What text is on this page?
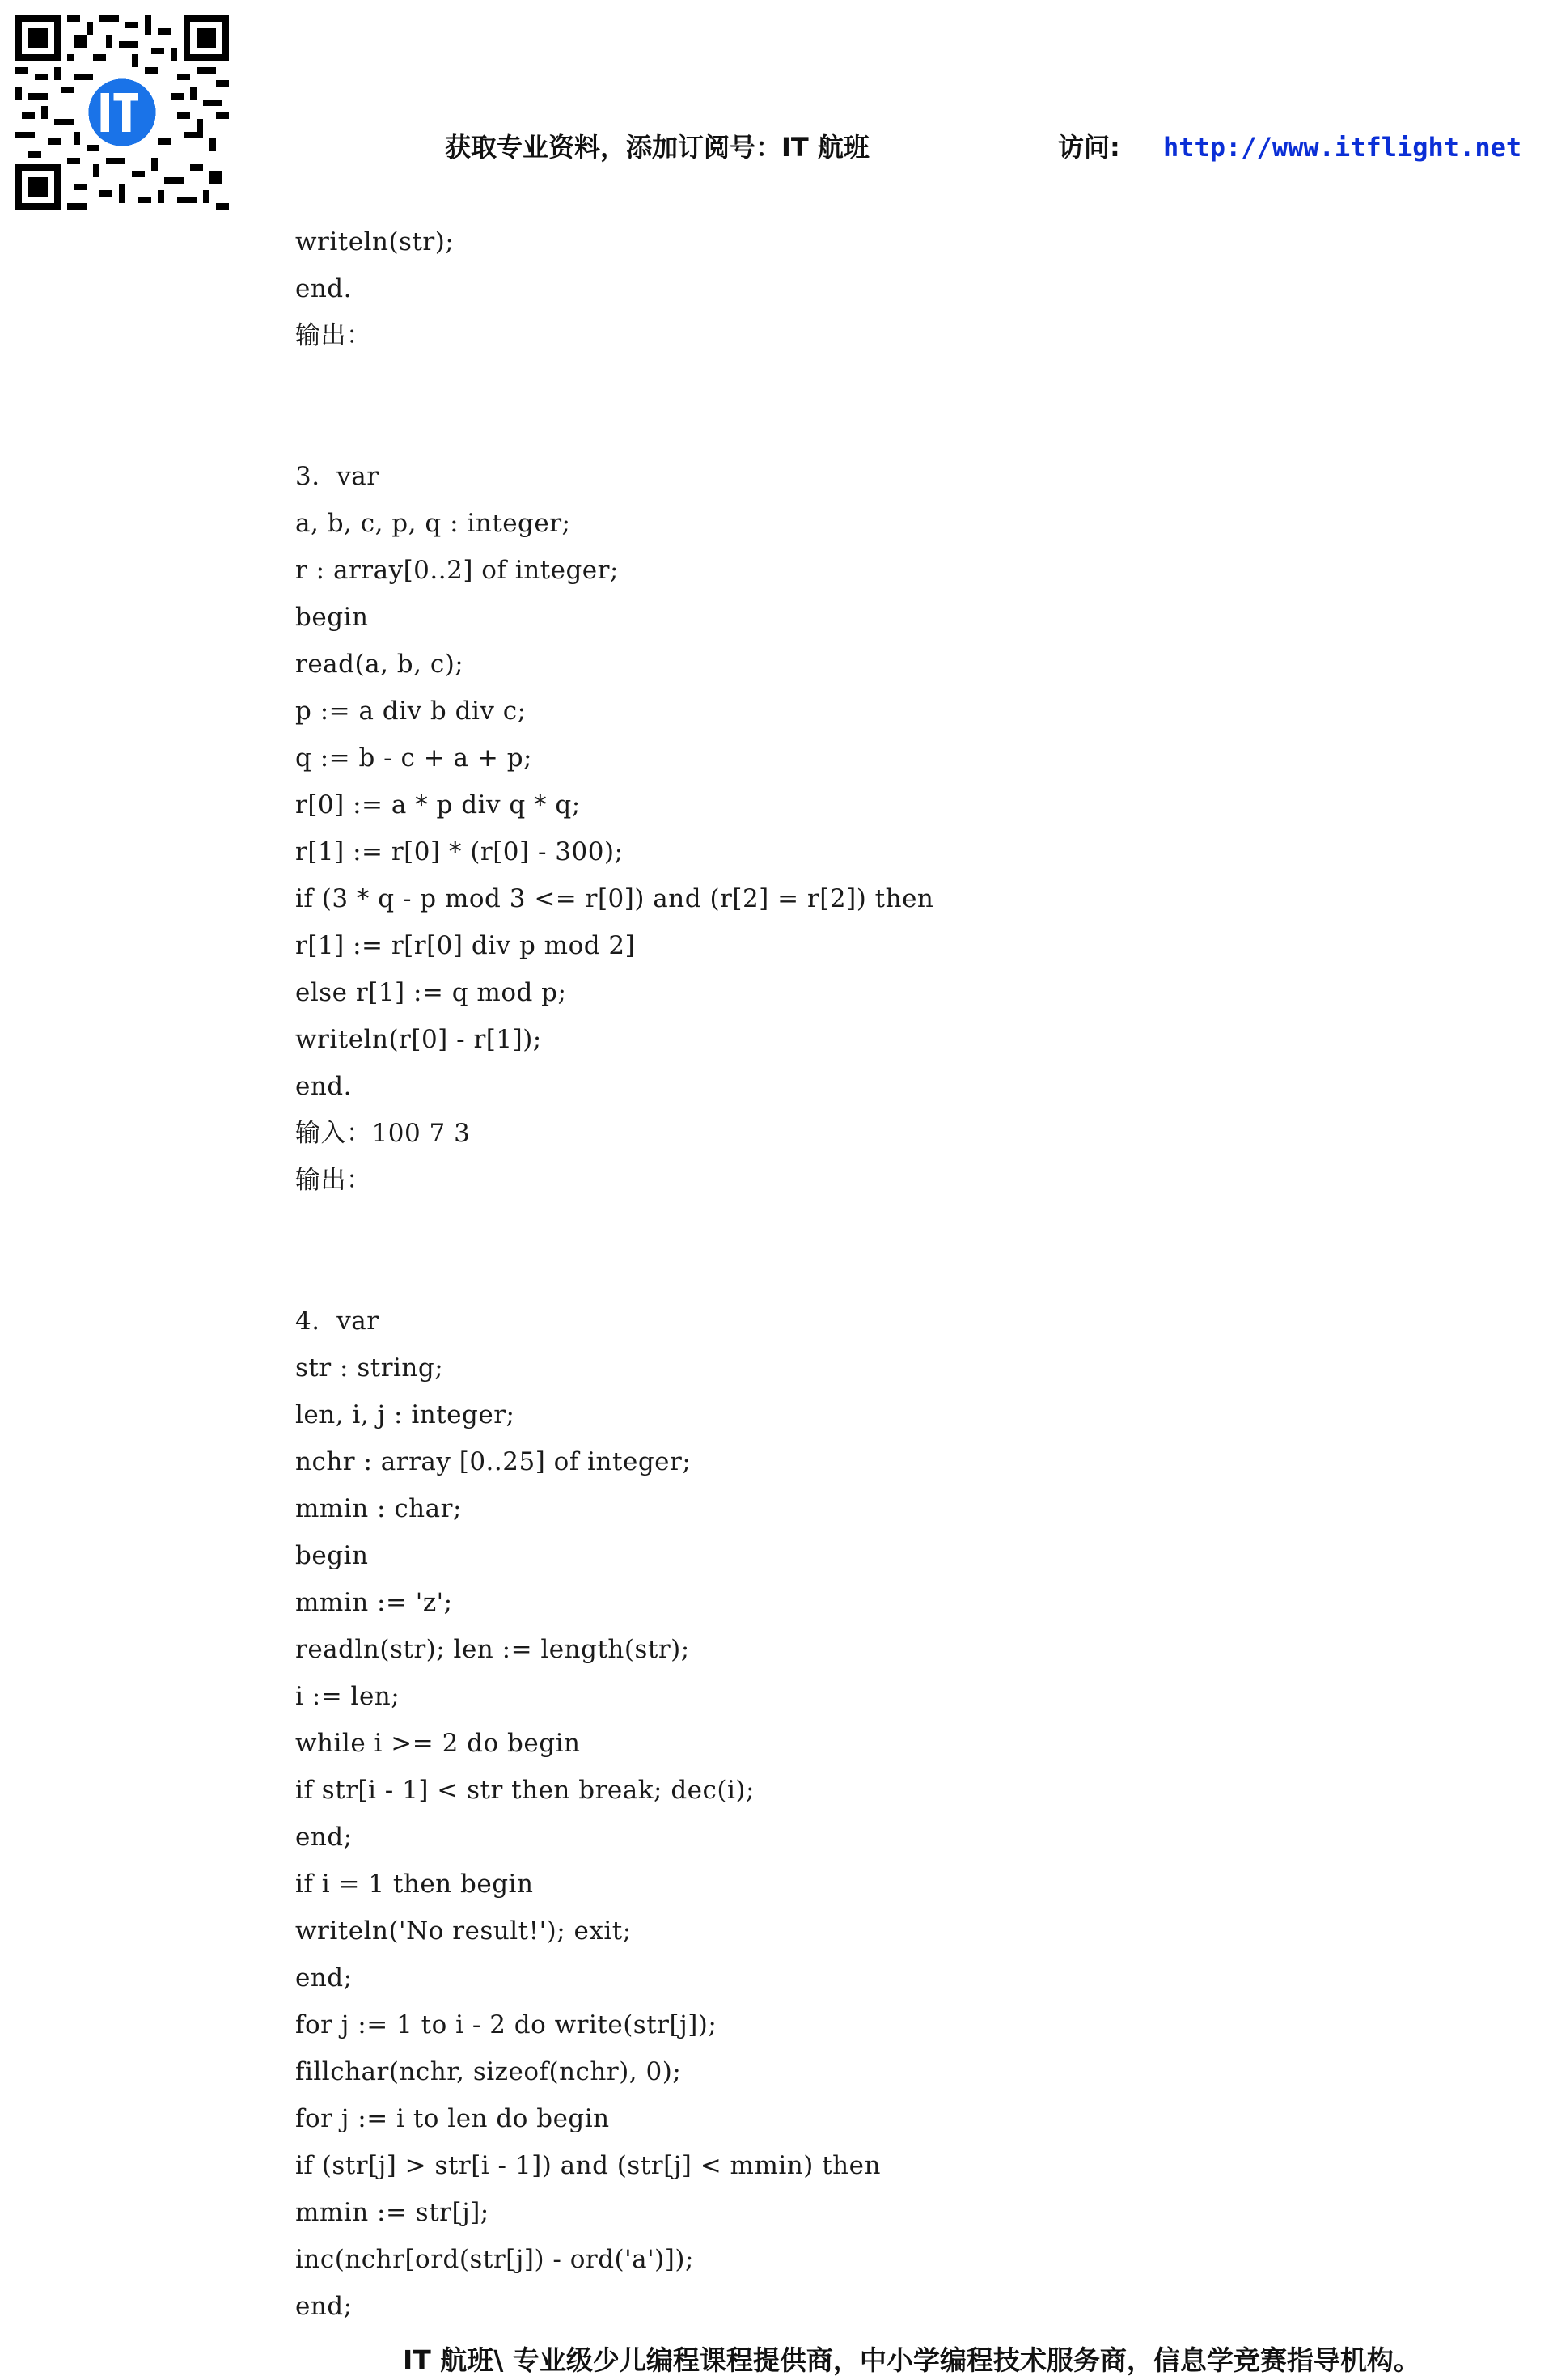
获取专业资料，添加订阅号：IT 航班	访问: http://www.itflight.net
writeln(str);
end.
输出：
3.  var
a, b, c, p, q : integer;
r : array[0..2] of integer;
begin
read(a, b, c);
p := a div b div c;
q := b - c + a + p;
r[0] := a * p div q * q;
r[1] := r[0] * (r[0] - 300);
if (3 * q - p mod 3 <= r[0]) and (r[2] = r[2]) then
r[1] := r[r[0] div p mod 2]
else r[1] := q mod p;
writeln(r[0] - r[1]);
end.
输入：100 7 3
输出：
4.  var
str : string;
len, i, j : integer;
nchr : array [0..25] of integer;
mmin : char;
begin
mmin := 'z';
readln(str); len := length(str);
i := len;
while i >= 2 do begin
if str[i - 1] < str then break; dec(i);
end;
if i = 1 then begin
writeln('No result!'); exit;
end;
for j := 1 to i - 2 do write(str[j]);
fillchar(nchr, sizeof(nchr), 0);
for j := i to len do begin
if (str[j] > str[i - 1]) and (str[j] < mmin) then
mmin := str[j];
inc(nchr[ord(str[j]) - ord('a')]);
end;
IT 航班\ 专业级少儿编程课程提供商，中小学编程技术服务商，信息学竞赛指导机构。
